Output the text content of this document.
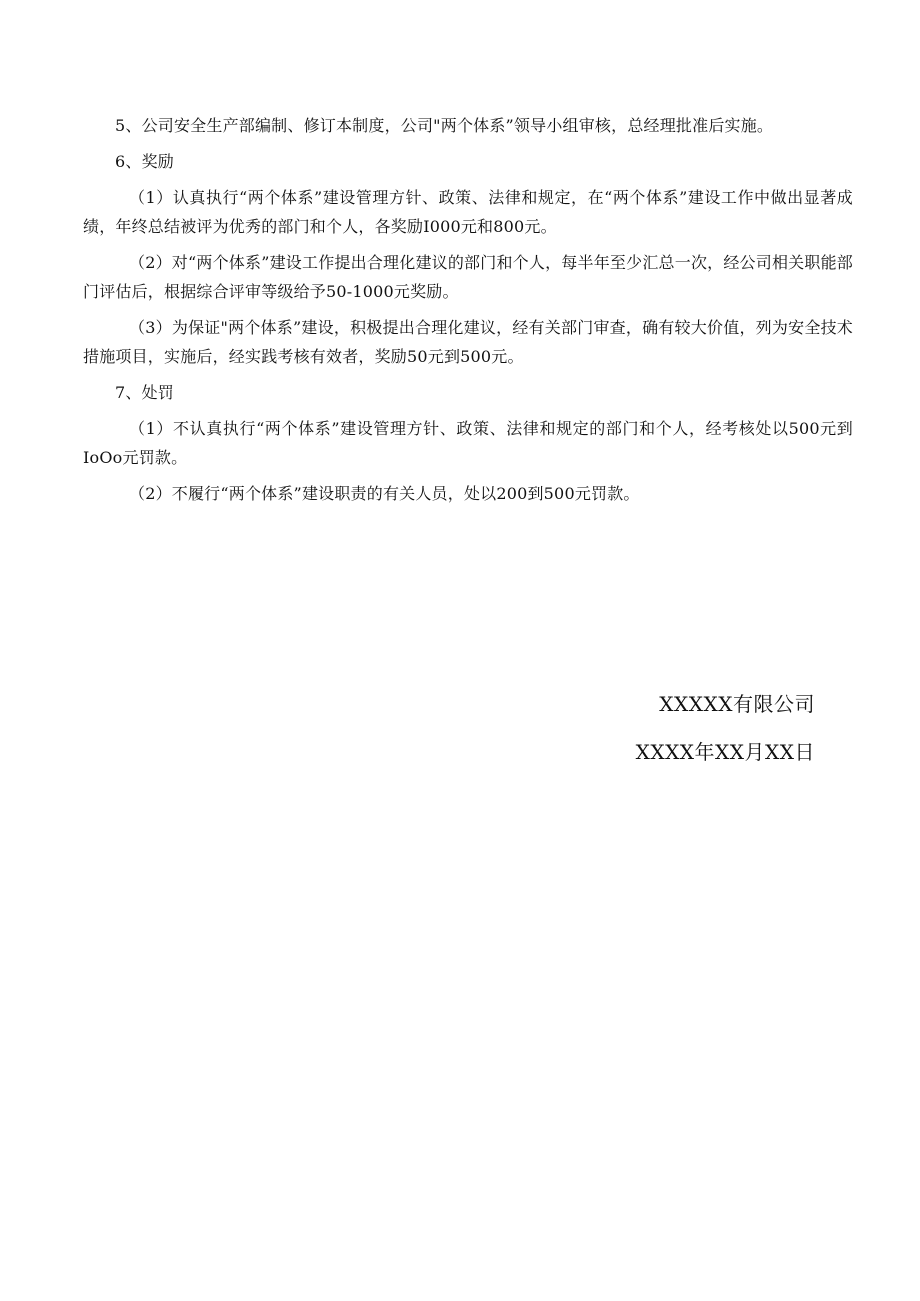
5、公司安全生产部编制、修订本制度，公司"两个体系”领导小组审核，总经理批准后实施。

6、奖励

（1）认真执行“两个体系”建设管理方针、政策、法律和规定，在“两个体系”建设工作中做出显著成绩，年终总结被评为优秀的部门和个人，各奖励I000元和800元。

（2）对“两个体系”建设工作提出合理化建议的部门和个人，每半年至少汇总一次，经公司相关职能部门评估后，根据综合评审等级给予50-1000元奖励。

（3）为保证"两个体系”建设，积极提出合理化建议，经有关部门审查，确有较大价值，列为安全技术措施项目，实施后，经实践考核有效者，奖励50元到500元。

7、处罚

（1）不认真执行“两个体系”建设管理方针、政策、法律和规定的部门和个人，经考核处以500元到IoOo元罚款。

（2）不履行“两个体系”建设职责的有关人员，处以200到500元罚款。

XXXXX有限公司
XXXX年XX月XX日
